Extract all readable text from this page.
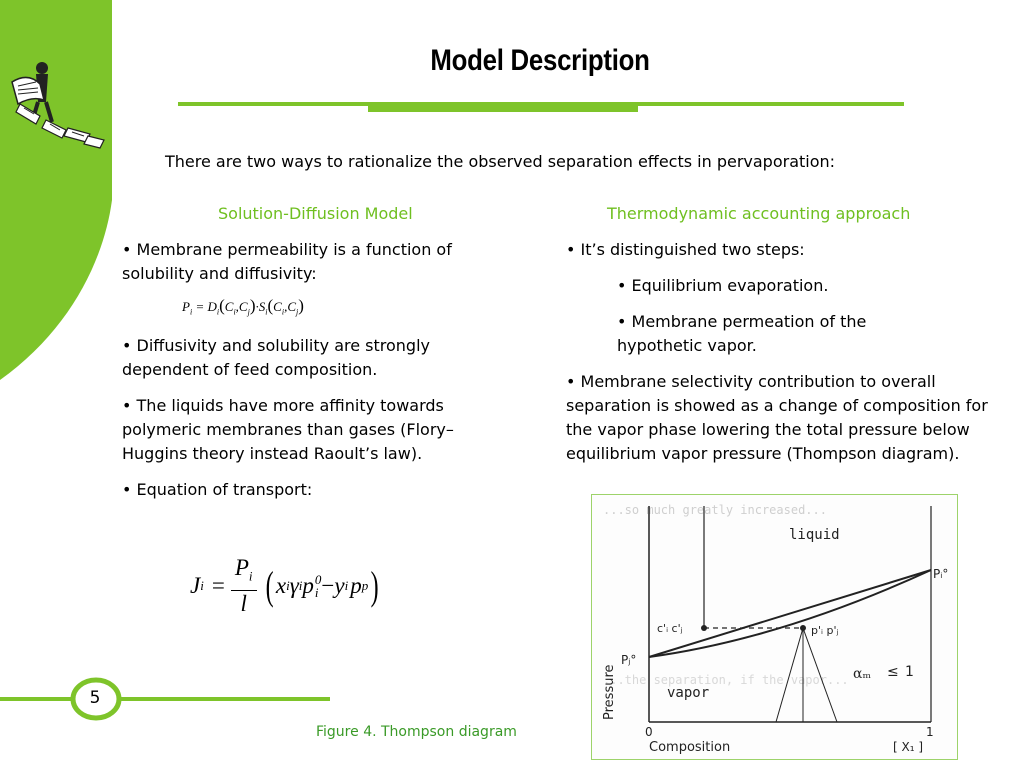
Model Description
There are two ways to rationalize the observed separation effects in pervaporation:
Solution-Diffusion Model

• Membrane permeability is a function of solubility and diffusivity:

$P_i = D_i(C_i,C_j)\cdot S_i(C_i,C_j)$

• Diffusivity and solubility are strongly dependent of feed composition.

• The liquids have more affinity towards polymeric membranes than gases (Flory–Huggins theory instead Raoult’s law).

• Equation of transport:

J $i = \frac{P_i}{l}$ ( x i γ i p 0
i − y i p p )
Thermodynamic accounting approach

• It’s distinguished two steps:

• Equilibrium evaporation.

• Membrane permeation of the hypothetic vapor.

• Membrane selectivity contribution to overall separation is showed as a change of composition for the vapor phase lowering the total pressure below equilibrium vapor pressure (Thompson diagram).

5
Figure 4. Thompson diagram
...so much greatly increased...
...the separation, if the vapor...
liquid
vapor
Pressure
Composition	[ X₁ ]
0	1
Pⱼ°
Pᵢ°
c'ᵢ c'ⱼ	p'ᵢ p'ⱼ
αₘ ≤ 1
